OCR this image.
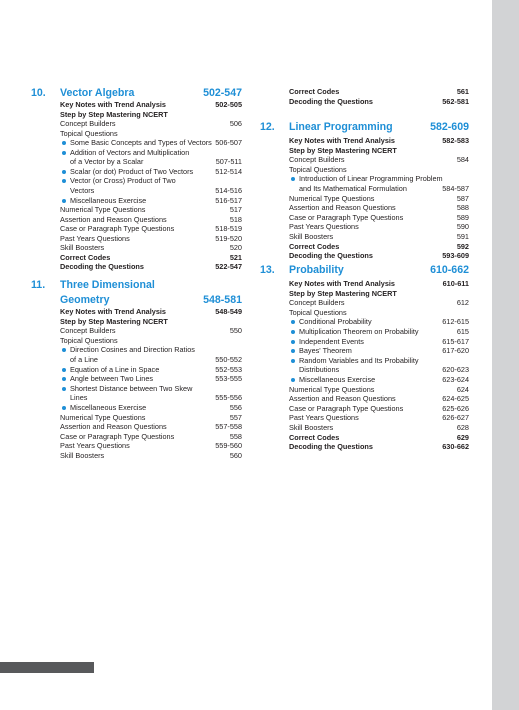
10. Vector Algebra	502-547
Key Notes with Trend Analysis	502-505
Step by Step Mastering NCERT
Concept Builders	506
Topical Questions
Some Basic Concepts and Types of Vectors 506-507
Addition of Vectors and Multiplication
of a Vector by a Scalar	507-511
Scalar (or dot) Product of Two Vectors	512-514
Vector (or Cross) Product of Two
Vectors	514-516
Miscellaneous Exercise	516-517
Numerical Type Questions	517
Assertion and Reason Questions	518
Case or Paragraph Type Questions	518-519
Past Years Questions	519-520
Skill Boosters	520
Correct Codes	521
Decoding the Questions	522-547
11. Three Dimensional
Geometry	548-581
Key Notes with Trend Analysis	548-549
Step by Step Mastering NCERT
Concept Builders	550
Topical Questions
Direction Cosines and Direction Ratios
of a Line	550-552
Equation of a Line in Space	552-553
Angle between Two Lines	553-555
Shortest Distance between Two Skew
Lines	555-556
Miscellaneous Exercise	556
Numerical Type Questions	557
Assertion and Reason Questions	557-558
Case or Paragraph Type Questions	558
Past Years Questions	559-560
Skill Boosters	560
Correct Codes	561
Decoding the Questions	562-581
12. Linear Programming	582-609
Key Notes with Trend Analysis	582-583
Step by Step Mastering NCERT
Concept Builders	584
Topical Questions
Introduction of Linear Programming Problem
and Its Mathematical Formulation	584-587
Numerical Type Questions	587
Assertion and Reason Questions	588
Case or Paragraph Type Questions	589
Past Years Questions	590
Skill Boosters	591
Correct Codes	592
Decoding the Questions	593-609
13. Probability	610-662
Key Notes with Trend Analysis	610-611
Step by Step Mastering NCERT
Concept Builders	612
Topical Questions
Conditional Probability	612-615
Multiplication Theorem on Probability	615
Independent Events	615-617
Bayes' Theorem	617-620
Random Variables and Its Probability
Distributions	620-623
Miscellaneous Exercise	623-624
Numerical Type Questions	624
Assertion and Reason Questions	624-625
Case or Paragraph Type Questions	625-626
Past Years Questions	626-627
Skill Boosters	628
Correct Codes	629
Decoding the Questions	630-662
